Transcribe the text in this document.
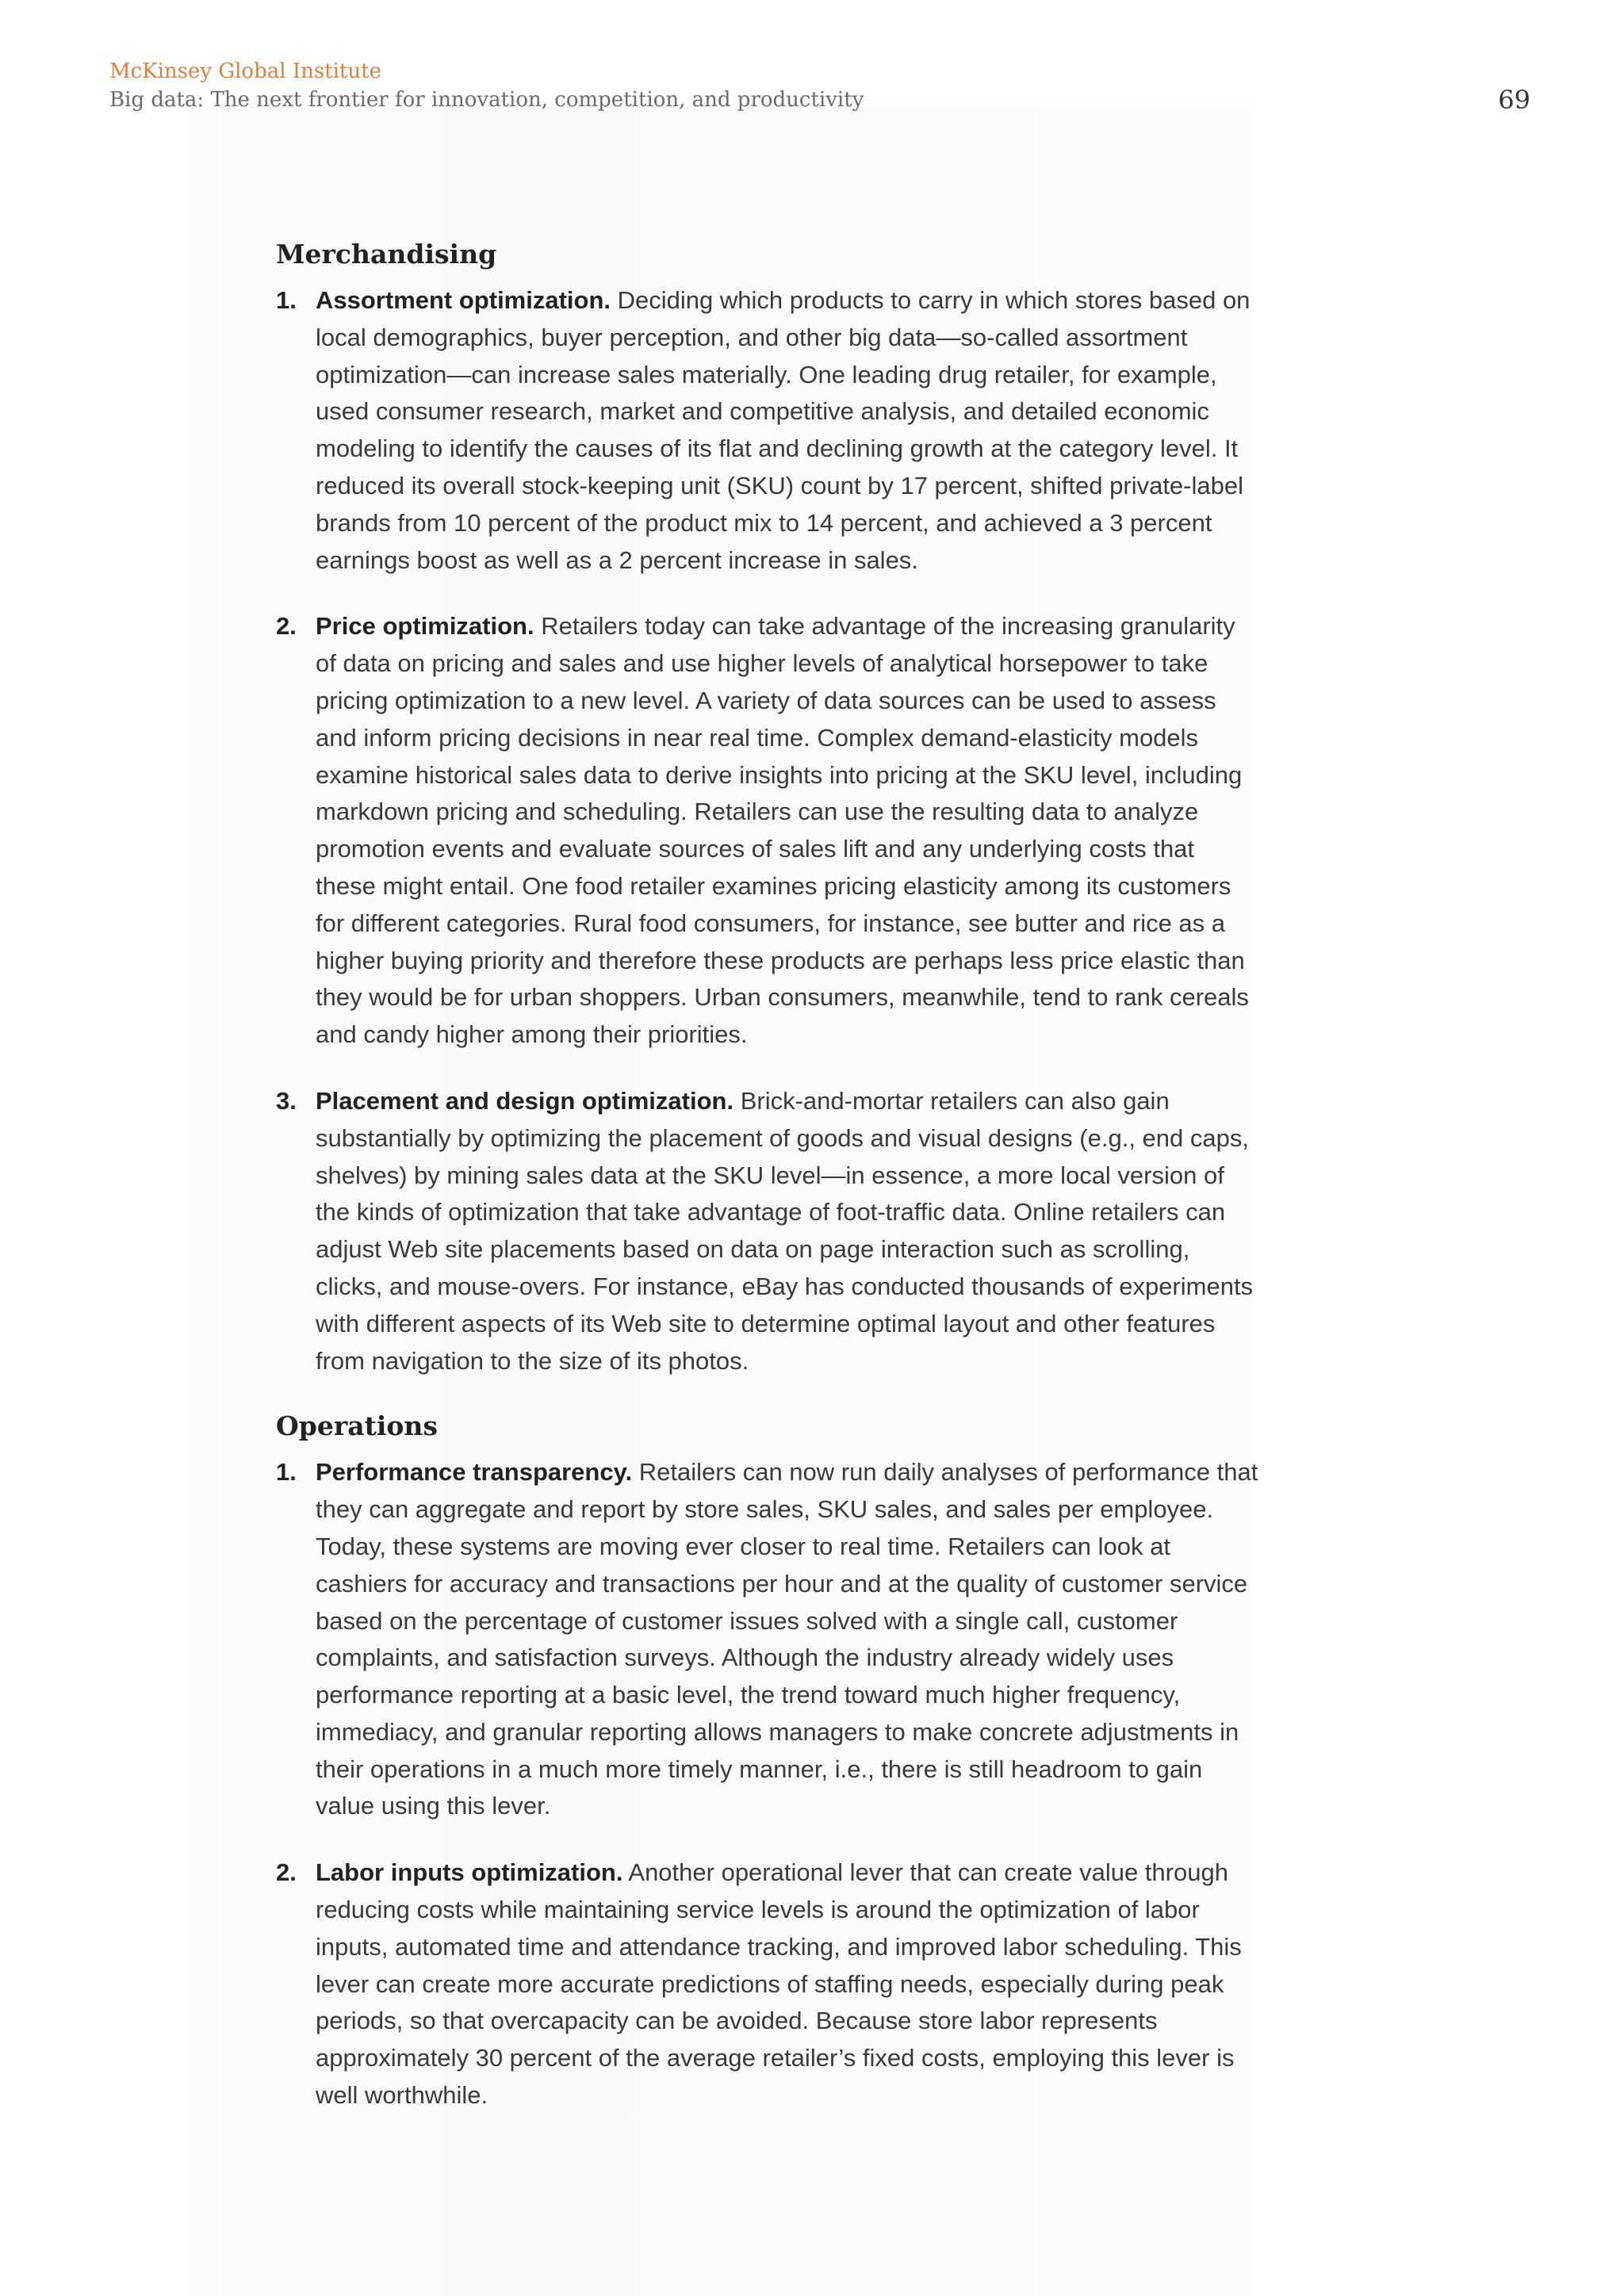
McKinsey Global Institute

Big data: The next frontier for innovation, competition, and productivity	69
Merchandising
1. Assortment optimization. Deciding which products to carry in which stores based on local demographics, buyer perception, and other big data—so-called assortment optimization—can increase sales materially. One leading drug retailer, for example, used consumer research, market and competitive analysis, and detailed economic modeling to identify the causes of its flat and declining growth at the category level. It reduced its overall stock-keeping unit (SKU) count by 17 percent, shifted private-label brands from 10 percent of the product mix to 14 percent, and achieved a 3 percent earnings boost as well as a 2 percent increase in sales.
2. Price optimization. Retailers today can take advantage of the increasing granularity of data on pricing and sales and use higher levels of analytical horsepower to take pricing optimization to a new level. A variety of data sources can be used to assess and inform pricing decisions in near real time. Complex demand-elasticity models examine historical sales data to derive insights into pricing at the SKU level, including markdown pricing and scheduling. Retailers can use the resulting data to analyze promotion events and evaluate sources of sales lift and any underlying costs that these might entail. One food retailer examines pricing elasticity among its customers for different categories. Rural food consumers, for instance, see butter and rice as a higher buying priority and therefore these products are perhaps less price elastic than they would be for urban shoppers. Urban consumers, meanwhile, tend to rank cereals and candy higher among their priorities.
3. Placement and design optimization. Brick-and-mortar retailers can also gain substantially by optimizing the placement of goods and visual designs (e.g., end caps, shelves) by mining sales data at the SKU level—in essence, a more local version of the kinds of optimization that take advantage of foot-traffic data. Online retailers can adjust Web site placements based on data on page interaction such as scrolling, clicks, and mouse-overs. For instance, eBay has conducted thousands of experiments with different aspects of its Web site to determine optimal layout and other features from navigation to the size of its photos.
Operations
1. Performance transparency. Retailers can now run daily analyses of performance that they can aggregate and report by store sales, SKU sales, and sales per employee. Today, these systems are moving ever closer to real time. Retailers can look at cashiers for accuracy and transactions per hour and at the quality of customer service based on the percentage of customer issues solved with a single call, customer complaints, and satisfaction surveys. Although the industry already widely uses performance reporting at a basic level, the trend toward much higher frequency, immediacy, and granular reporting allows managers to make concrete adjustments in their operations in a much more timely manner, i.e., there is still headroom to gain value using this lever.
2. Labor inputs optimization. Another operational lever that can create value through reducing costs while maintaining service levels is around the optimization of labor inputs, automated time and attendance tracking, and improved labor scheduling. This lever can create more accurate predictions of staffing needs, especially during peak periods, so that overcapacity can be avoided. Because store labor represents approximately 30 percent of the average retailer’s fixed costs, employing this lever is well worthwhile.
